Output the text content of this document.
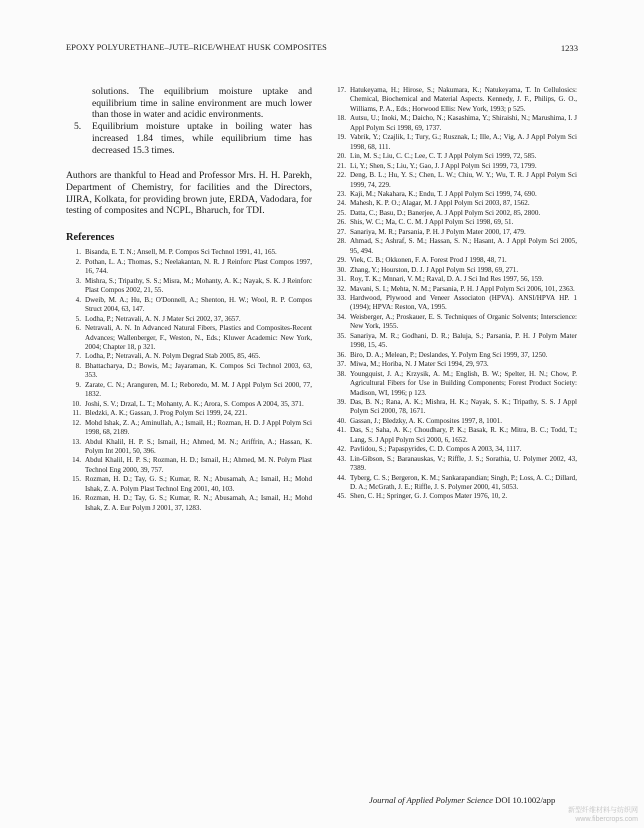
EPOXY POLYURETHANE–JUTE–RICE/WHEAT HUSK COMPOSITES	1233
solutions. The equilibrium moisture uptake and equilibrium time in saline environment are much lower than those in water and acidic environments.
5. Equilibrium moisture uptake in boiling water has increased 1.84 times, while equilibrium time has decreased 15.3 times.

Authors are thankful to Head and Professor Mrs. H. H. Parekh, Department of Chemistry, for facilities and the Directors, IJIRA, Kolkata, for providing brown jute, ERDA, Vadodara, for testing of composites and NCPL, Bharuch, for TDI.

References
1. Bisanda, E. T. N.; Ansell, M. P. Compos Sci Technol 1991, 41, 165.
2. Pothan, L. A.; Thomas, S.; Neelakantan, N. R. J Reinforc Plast Compos 1997, 16, 744.
3. Mishra, S.; Tripathy, S. S.; Misra, M.; Mohanty, A. K.; Nayak, S. K. J Reinforc Plast Compos 2002, 21, 55.
4. Dweib, M. A.; Hu, B.; O'Donnell, A.; Shenton, H. W.; Wool, R. P. Compos Struct 2004, 63, 147.
5. Lodha, P.; Netravali, A. N. J Mater Sci 2002, 37, 3657.
6. Netravali, A. N. In Advanced Natural Fibers, Plastics and Composites-Recent Advances; Wallenberger, F., Weston, N., Eds.; Kluwer Academic: New York, 2004; Chapter 18, p 321.
7. Lodha, P.; Netravali, A. N. Polym Degrad Stab 2005, 85, 465.
8. Bhattacharya, D.; Bowis, M.; Jayaraman, K. Compos Sci Technol 2003, 63, 353.
9. Zarate, C. N.; Aranguren, M. I.; Reboredo, M. M. J Appl Polym Sci 2000, 77, 1832.
10. Joshi, S. V.; Drzal, L. T.; Mohanty, A. K.; Arora, S. Compos A 2004, 35, 371.
11. Bledzki, A. K.; Gassan, J. Prog Polym Sci 1999, 24, 221.
12. Mohd Ishak, Z. A.; Aminullah, A.; Ismail, H.; Rozman, H. D. J Appl Polym Sci 1998, 68, 2189.
13. Abdul Khalil, H. P. S.; Ismail, H.; Ahmed, M. N.; Ariffrin, A.; Hassan, K. Polym Int 2001, 50, 396.
14. Abdul Khalil, H. P. S.; Rozman, H. D.; Ismail, H.; Ahmed, M. N. Polym Plast Technol Eng 2000, 39, 757.
15. Rozman, H. D.; Tay, G. S.; Kumar, R. N.; Abusamah, A.; Ismail, H.; Mohd Ishak, Z. A. Polym Plast Technol Eng 2001, 40, 103.
16. Rozman, H. D.; Tay, G. S.; Kumar, R. N.; Abusamah, A.; Ismail, H.; Mohd Ishak, Z. A. Eur Polym J 2001, 37, 1283.
17. Hatukeyama, H.; Hirose, S.; Nakumara, K.; Natukeyama, T. In Cellulosics: Chemical, Biochemical and Material Aspects. Kennedy, J. F., Philips, G. O., Williams, P. A., Eds.; Horwood Ellis: New York, 1993; p 525.
18. Autsu, U.; Inoki, M.; Daicho, N.; Kasashima, Y.; Shiraishi, N.; Marushima, I. J Appl Polym Sci 1998, 69, 1737.
19. Vabrik, Y.; Czajlik, I.; Tury, G.; Rusznak, I.; Ille, A.; Vig, A. J Appl Polym Sci 1998, 68, 111.
20. Lin, M. S.; Liu, C. C.; Lee, C. T. J Appl Polym Sci 1999, 72, 585.
21. Li, Y.; Shen, S.; Liu, Y.; Gao, J. J Appl Polym Sci 1999, 73, 1799.
22. Deng, B. L.; Hu, Y. S.; Chen, L. W.; Chiu, W. Y.; Wu, T. R. J Appl Polym Sci 1999, 74, 229.
23. Kaji, M.; Nakahara, K.; Endu, T. J Appl Polym Sci 1999, 74, 690.
24. Mahesh, K. P. O.; Alagar, M. J Appl Polym Sci 2003, 87, 1562.
25. Datta, C.; Basu, D.; Banerjee, A. J Appl Polym Sci 2002, 85, 2800.
26. Shis, W. C.; Ma, C. C. M. J Appl Polym Sci 1998, 69, 51.
27. Sanariya, M. R.; Parsania, P. H. J Polym Mater 2000, 17, 479.
28. Ahmad, S.; Ashraf, S. M.; Hassan, S. N.; Hasant, A. J Appl Polym Sci 2005, 95, 494.
29. Viek, C. B.; Okkonen, F. A. Forest Prod J 1998, 48, 71.
30. Zhang, Y.; Hourston, D. J. J Appl Polym Sci 1998, 69, 271.
31. Roy, T. K.; Mnnari, V. M.; Raval, D. A. J Sci Ind Res 1997, 56, 159.
32. Mavani, S. I.; Mehta, N. M.; Parsania, P. H. J Appl Polym Sci 2006, 101, 2363.
33. Hardwood, Plywood and Veneer Associaton (HPVA). ANSI/HPVA HP. 1 (1994); HPVA: Reston, VA, 1995.
34. Weisberger, A.; Proskauer, E. S. Techniques of Organic Solvents; Interscience: New York, 1955.
35. Sanariya, M. R.; Godhani, D. R.; Baluja, S.; Parsania, P. H. J Polym Mater 1998, 15, 45.
36. Biro, D. A.; Melean, P.; Deslandes, Y. Polym Eng Sci 1999, 37, 1250.
37. Miwa, M.; Horiba, N. J Mater Sci 1994, 29, 973.
38. Youngquist, J. A.; Krzysik, A. M.; English, B. W.; Spelter, H. N.; Chow, P. Agricultural Fibers for Use in Building Components; Forest Product Society: Madison, WI, 1996; p 123.
39. Das, B. N.; Rana, A. K.; Mishra, H. K.; Nayak, S. K.; Tripathy, S. S. J Appl Polym Sci 2000, 78, 1671.
40. Gassan, J.; Bledzky, A. K. Composites 1997, 8, 1001.
41. Das, S.; Saha, A. K.; Choudhary, P. K.; Basak, R. K.; Mitra, B. C.; Todd, T.; Lang, S. J Appl Polym Sci 2000, 6, 1652.
42. Pavlidou, S.; Papaspyrides, C. D. Compos A 2003, 34, 1117.
43. Lin-Gibson, S.; Baranauskas, V.; Riffle, J. S.; Sorathia, U. Polymer 2002, 43, 7389.
44. Tyberg, C. S.; Bergeron, K. M.; Sankarapandian; Singh, P.; Loss, A. C.; Dillard, D. A.; McGrath, J. E.; Riffle, J. S. Polymer 2000, 41, 5053.
45. Shen, C. H.; Springer, G. J. Compos Mater 1976, 10, 2.
Journal of Applied Polymer Science DOI 10.1002/app
新型纤维材料与纺织网
www.fibercrops.com
